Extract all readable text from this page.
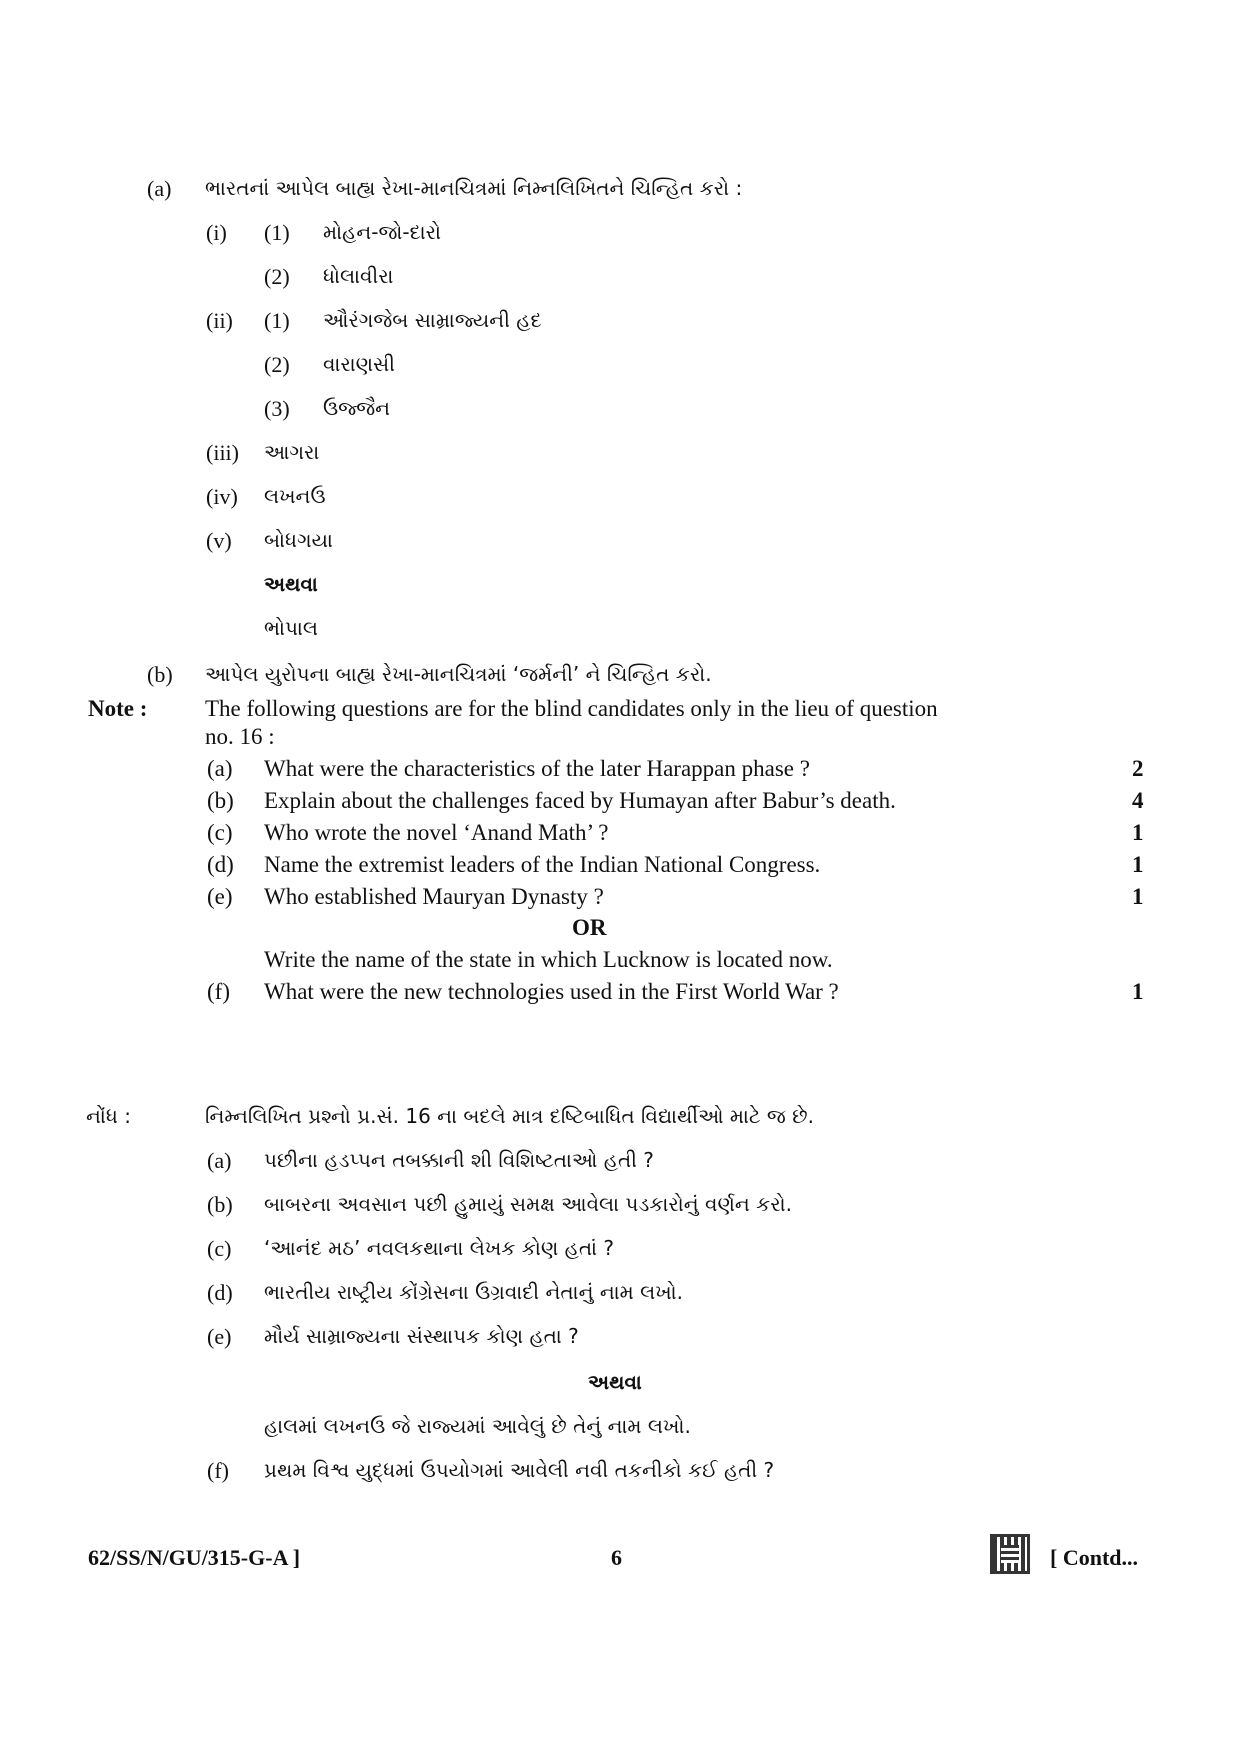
(a) ભારતનાં આપેલ બાહ્ય રેખા-માનચિત્રમાં નિમ્નલિખિતને ચિન્હિત કરો :
(i) (1) મોહન-જો-દારો
(2) ધોલાવીરા
(ii) (1) ઔરંગજેબ સામ્રાજ્યની હદ
(2) વારાણસી
(3) ઉજ્જૈન
(iii) આગરા
(iv) લખનઉ
(v) બોધગયા
અથવા
ભોપાલ
(b) આપેલ યુરોપના બાહ્ય રેખા-માનચિત્રમાં ‘જર્મની’ ને ચિન્હિત કરો.
Note :	The following questions are for the blind candidates only in the lieu of question
no. 16 :
(a) What were the characteristics of the later Harappan phase ?	2
(b) Explain about the challenges faced by Humayan after Babur’s death.	4
(c) Who wrote the novel ‘Anand Math’ ?	1
(d) Name the extremist leaders of the Indian National Congress.	1
(e) Who established Mauryan Dynasty ?	1
OR
Write the name of the state in which Lucknow is located now.
(f) What were the new technologies used in the First World War ?	1
નોંધ :	નિમ્નલિખિત પ્રશ્નો પ્ર.સં. 16 ના બદલે માત્ર દષ્ટિબાધિત વિદ્યાર્થીઓ માટે જ છે.
(a) પછીના હડપ્પન તબક્કાની શી વિશિષ્ટતાઓ હતી ?
(b) બાબરના અવસાન પછી હુમાયું સમક્ષ આવેલા પડકારોનું વર્ણન કરો.
(c) ‘આનંદ મઠ’ નવલકથાના લેખક કોણ હતાં ?
(d) ભારતીય રાષ્ટ્રીય કોંગ્રેસના ઉગ્રવાદી નેતાનું નામ લખો.
(e) મૌર્ય સામ્રાજ્યના સંસ્થાપક કોણ હતા ?
અથવા
હાલમાં લખનઉ જે રાજ્યમાં આવેલું છે તેનું નામ લખો.
(f) પ્રથમ વિશ્વ યુદ્ધમાં ઉપયોગમાં આવેલી નવી તકનીકો કઈ હતી ?
62/SS/N/GU/315-G-A ]	6	[ Contd...
